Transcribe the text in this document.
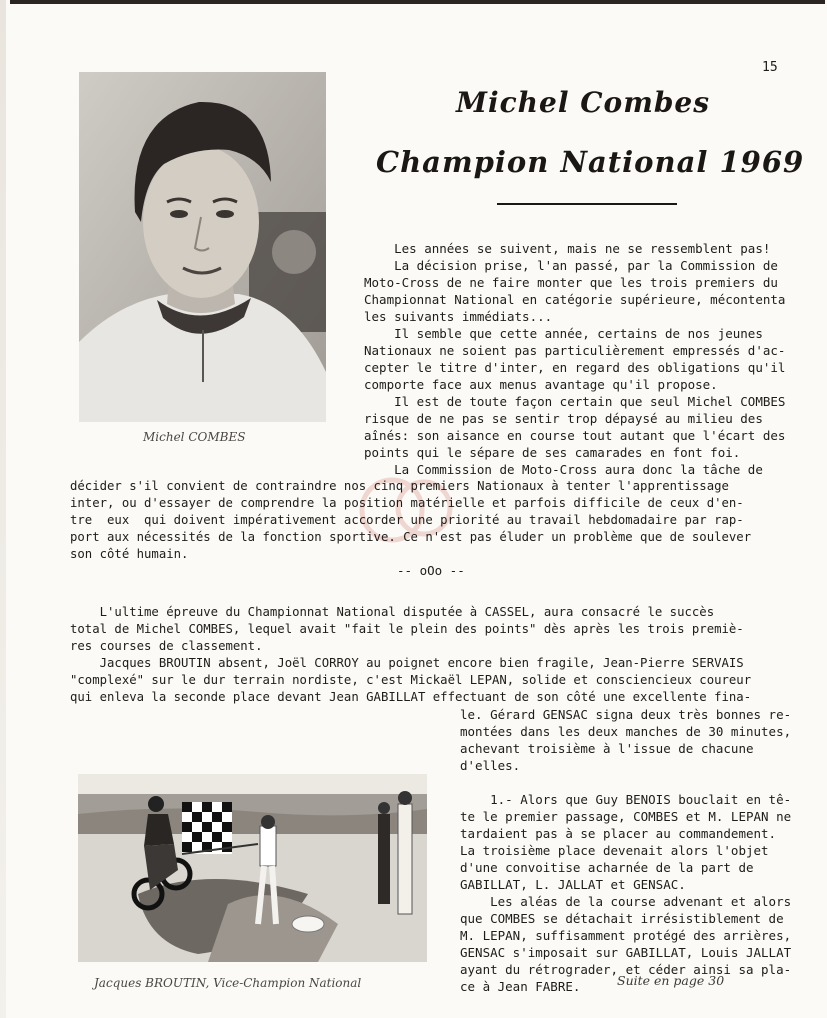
15
Michel COMBES
Michel Combes
Champion National 1969
Les années se suivent, mais ne se ressemblent pas!
La décision prise, l'an passé, par la Commission de
Moto-Cross de ne faire monter que les trois premiers du
Championnat National en catégorie supérieure, mécontenta
les suivants immédiats...
Il semble que cette année, certains de nos jeunes
Nationaux ne soient pas particulièrement empressés d'ac-
cepter le titre d'inter, en regard des obligations qu'il
comporte face aux menus avantage qu'il propose.
Il est de toute façon certain que seul Michel COMBES
risque de ne pas se sentir trop dépaysé au milieu des
aînés: son aisance en course tout autant que l'écart des
points qui le sépare de ses camarades en font foi.
La Commission de Moto-Cross aura donc la tâche de
décider s'il convient de contraindre nos cinq premiers Nationaux à tenter l'apprentissage
inter, ou d'essayer de comprendre la position matérielle et parfois difficile de ceux d'en-
tre  eux  qui doivent impérativement accorder une priorité au travail hebdomadaire par rap-
port aux nécessités de la fonction sportive. Ce n'est pas éluder un problème que de soulever
son côté humain.
-- oOo --
L'ultime épreuve du Championnat National disputée à CASSEL, aura consacré le succès
total de Michel COMBES, lequel avait "fait le plein des points" dès après les trois premiè-
res courses de classement.
Jacques BROUTIN absent, Joël CORROY au poignet encore bien fragile, Jean-Pierre SERVAIS
"complexé" sur le dur terrain nordiste, c'est Mickaël LEPAN, solide et consciencieux coureur
qui enleva la seconde place devant Jean GABILLAT effectuant de son côté une excellente fina-
le. Gérard GENSAC signa deux très bonnes re-
montées dans les deux manches de 30 minutes,
achevant troisième à l'issue de chacune
d'elles.
1.- Alors que Guy BENOIS bouclait en tê-
te le premier passage, COMBES et M. LEPAN ne
tardaient pas à se placer au commandement.
La troisième place devenait alors l'objet
d'une convoitise acharnée de la part de
GABILLAT, L. JALLAT et GENSAC.
Les aléas de la course advenant et alors
que COMBES se détachait irrésistiblement de
M. LEPAN, suffisamment protégé des arrières,
GENSAC s'imposait sur GABILLAT, Louis JALLAT
ayant du rétrograder, et céder ainsi sa pla-
ce à Jean FABRE.
Jacques BROUTIN, Vice-Champion National	Suite en page 30
